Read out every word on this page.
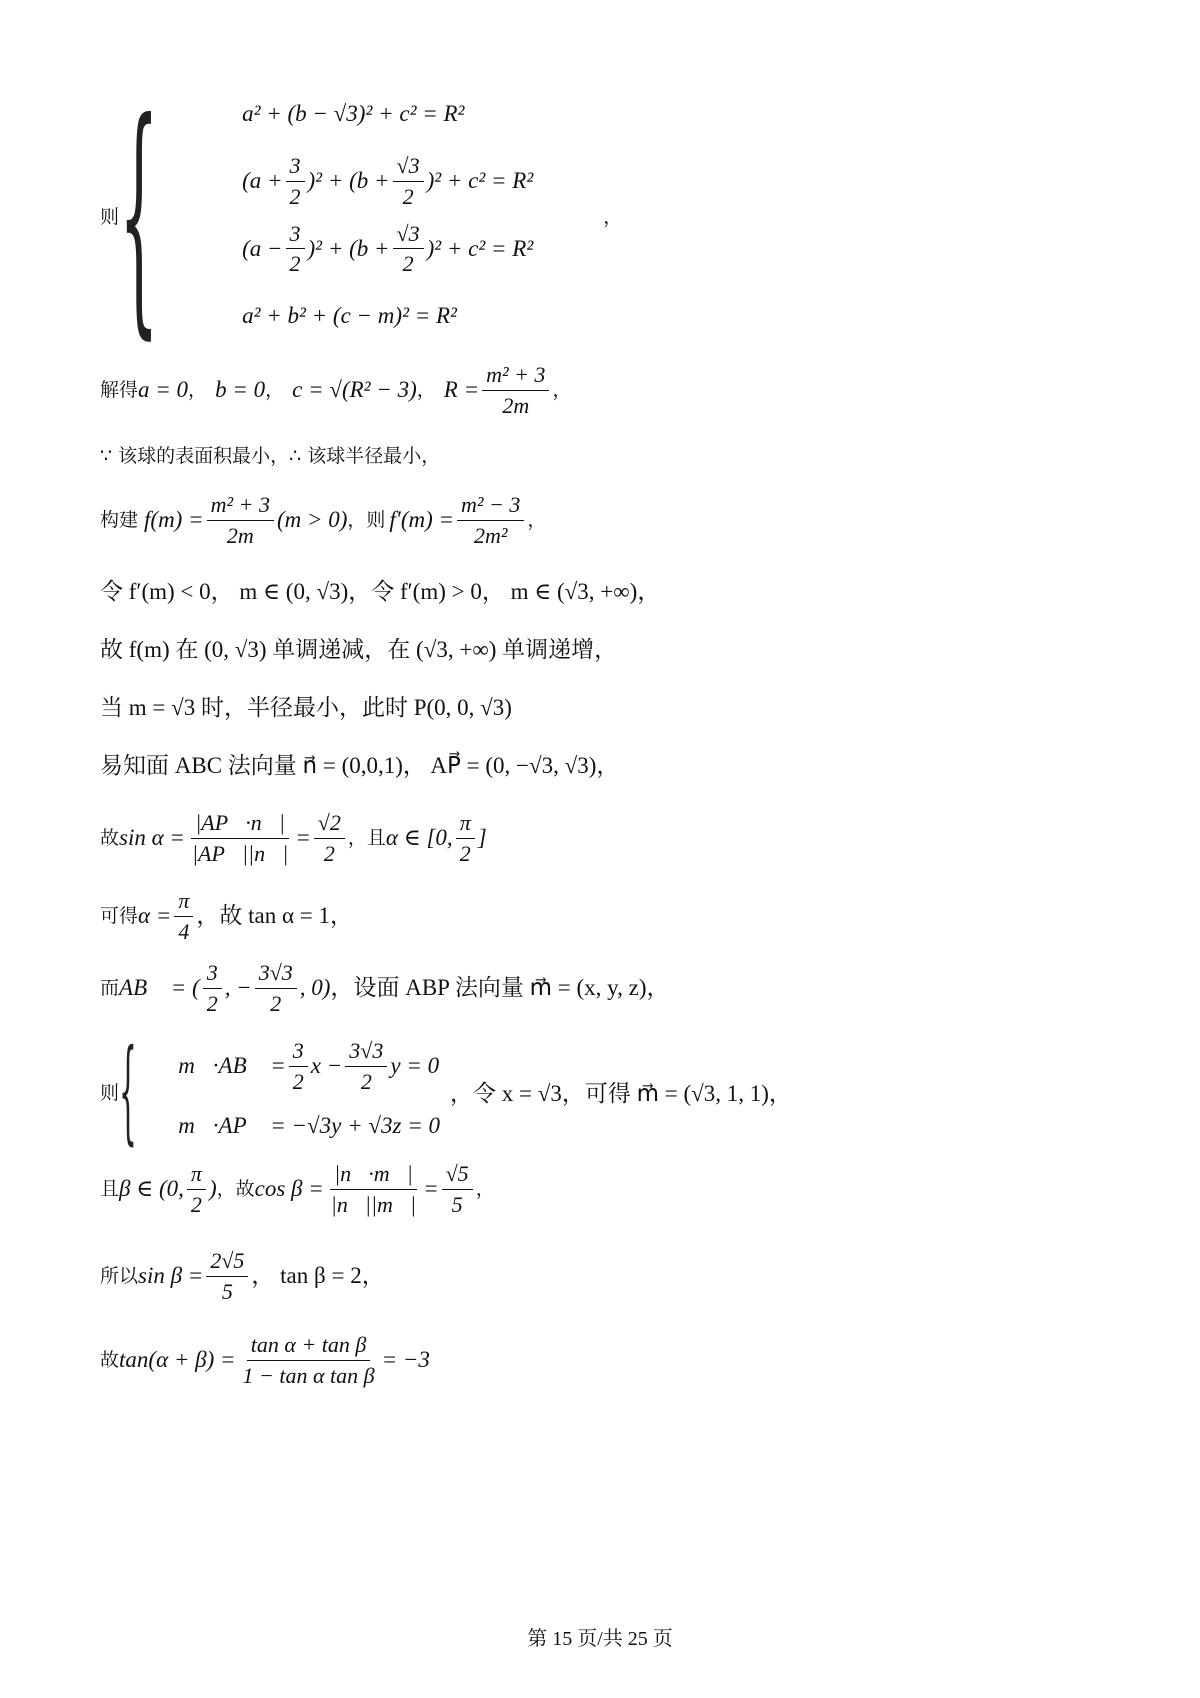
则 {	a² + (b − √3)² + c² = R²
$(a + \frac{3}{2} )^2 + (b + \frac{√3}{2} )^2 + c^2 = R^2$
$(a - \frac{3}{2} )^2 + (b + \frac{√3}{2} )^2 + c^2 = R^2$
a² + b² + (c − m)² = R²
，
解得 a = 0 ， b = 0 ， c = √(R² − 3) ， $R = \frac{\text{m² + 3}}{2m}$ ，
∵ 该球的表面积最小，∴ 该球半径最小，
构建 $f(m) = \frac{\text{m² + 3}}{2m} (m > 0)$ ，则 $f'(m) = \frac{\text{m² − 3}}{\text{2m²}}$ ，
令 f′(m) < 0， m ∈ (0, √3)，令 f′(m) > 0， m ∈ (√3, +∞)，
故 f(m) 在 (0, √3) 单调递减，在 (√3, +∞) 单调递增，
当 m = √3 时，半径最小，此时 P(0, 0, √3)
易知面 ABC 法向量 n⃗ = (0,0,1)， AP⃗ = (0, −√3, √3)，
故 $\sin \alpha = \frac{|AP⃗\cdot n⃗|}{|AP⃗||n⃗|} = \frac{√2}{2}$ ，且 α ∈ [0, $\frac{\pi}{2}$ ]
可得 $\alpha = \frac{\pi}{4}$ ，故 tan α = 1，
而 AB⃗ = ( $\frac{3}{2}$ , − $\frac{3√3}{2}$ , 0) ，设面 ABP 法向量 m⃗ = (x, y, z)，
则 { m⃗·AB⃗ = $\frac{3}{2}$ $x - \frac{3√3}{2}$ y = 0
m⃗·AP⃗ = −√3y + √3z = 0
，令 x = √3，可得 m⃗ = (√3, 1, 1)，
且 β ∈ (0, $\frac{\pi}{2}$ ) ，故 $\cos \beta = \frac{|n⃗\cdot m⃗|}{|n⃗||m⃗|} = \frac{√5}{5}$ ，
所以 $\sin \beta = \frac{2√5}{5}$ ， tan β = 2，
故 $\tan(\alpha + \beta) = \frac{\text{tan α + tan β}}{\text{1 − tan α tan β}} = -3$
第 15 页/共 25 页
